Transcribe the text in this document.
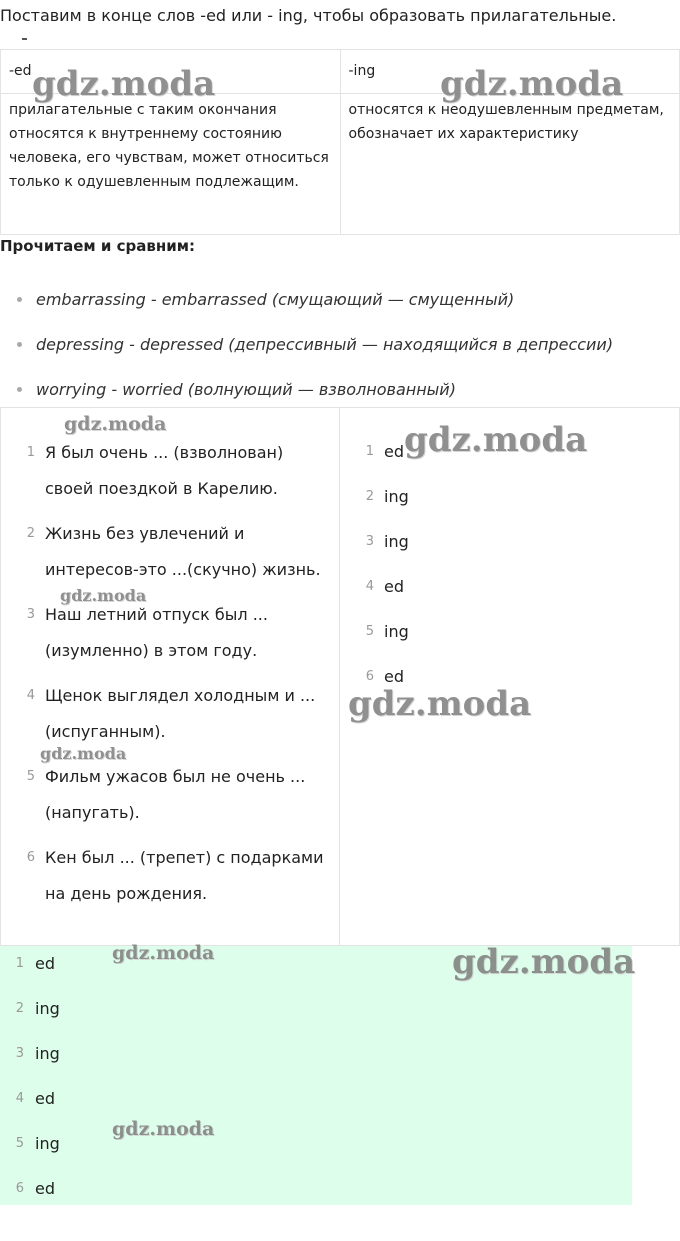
Поставим в конце слов -ed или - ing, чтобы образовать прилагательные.
-ed	-ing
прилагательные с таким окончания относятся к внутреннему состоянию человека, его чувствам, может относиться только к одушевленным подлежащим.	относятся к неодушевленным предметам, обозначает их характеристику
Прочитаем и сравним:
embarrassing - embarrassed (смущающий — смущенный)
depressing - depressed (депрессивный — находящийся в депрессии)
worrying - worried (волнующий — взволнованный)
1 Я был очень ... (взволнован) своей поездкой в Карелию.
2 Жизнь без увлечений и интересов-это ...(скучно) жизнь.
3 Наш летний отпуск был ... (изумленно) в этом году.
4 Щенок выглядел холодным и ... (испуганным).
5 Фильм ужасов был не очень ... (напугать).
6 Кен был ... (трепет) с подарками на день рождения.
1 ed
2 ing
3 ing
4 ed
5 ing
6 ed
1 ed
2 ing
3 ing
4 ed
5 ing
6 ed
gdz.moda	gdz.moda
gdz.moda	gdz.moda
gdz.moda
gdz.moda
gdz.moda
gdz.moda	gdz.moda
gdz.moda
